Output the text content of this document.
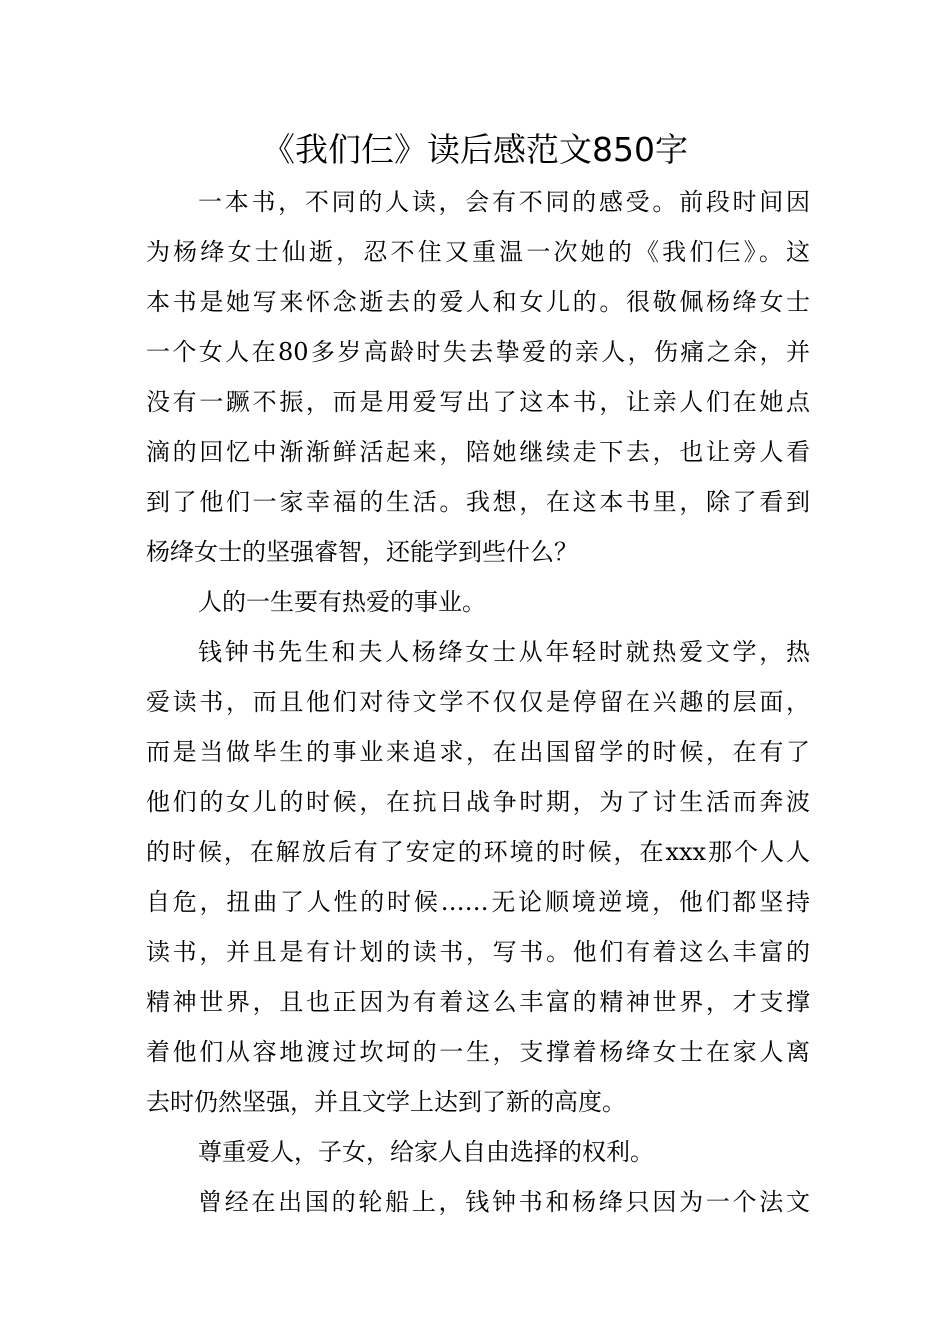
《我们仨》读后感范文850字
一本书，不同的人读，会有不同的感受。前段时间因
为杨绛女士仙逝，忍不住又重温一次她的《我们仨》。这
本书是她写来怀念逝去的爱人和女儿的。很敬佩杨绛女士
一个女人在80多岁高龄时失去挚爱的亲人，伤痛之余，并
没有一蹶不振，而是用爱写出了这本书，让亲人们在她点
滴的回忆中渐渐鲜活起来，陪她继续走下去，也让旁人看
到了他们一家幸福的生活。我想，在这本书里，除了看到
杨绛女士的坚强睿智，还能学到些什么？
人的一生要有热爱的事业。
钱钟书先生和夫人杨绛女士从年轻时就热爱文学，热
爱读书，而且他们对待文学不仅仅是停留在兴趣的层面，
而是当做毕生的事业来追求，在出国留学的时候，在有了
他们的女儿的时候，在抗日战争时期，为了讨生活而奔波
的时候，在解放后有了安定的环境的时候，在xxx那个人人
自危，扭曲了人性的时候……无论顺境逆境，他们都坚持
读书，并且是有计划的读书，写书。他们有着这么丰富的
精神世界，且也正因为有着这么丰富的精神世界，才支撑
着他们从容地渡过坎坷的一生，支撑着杨绛女士在家人离
去时仍然坚强，并且文学上达到了新的高度。
尊重爱人，子女，给家人自由选择的权利。
曾经在出国的轮船上，钱钟书和杨绛只因为一个法文
